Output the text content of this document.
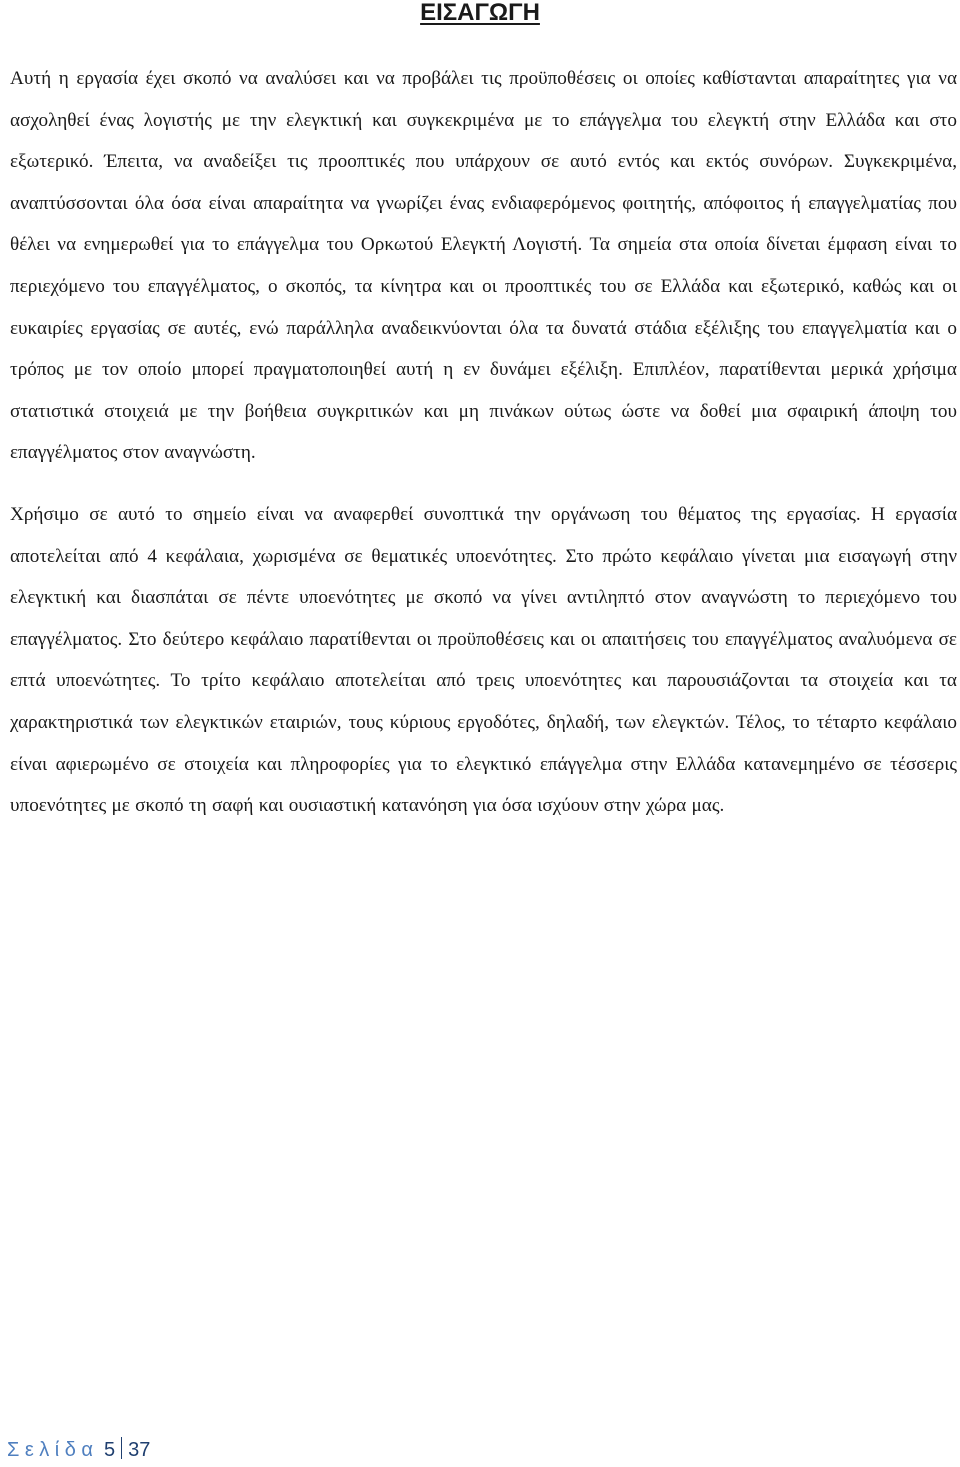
ΕΙΣΑΓΩΓΗ

Αυτή η εργασία έχει σκοπό να αναλύσει και να προβάλει τις προϋποθέσεις οι οποίες καθίστανται απαραίτητες για να ασχοληθεί ένας λογιστής με την ελεγκτική και συγκεκριμένα με το επάγγελμα του ελεγκτή στην Ελλάδα και στο εξωτερικό. Έπειτα, να αναδείξει τις προοπτικές που υπάρχουν σε αυτό εντός και εκτός συνόρων. Συγκεκριμένα, αναπτύσσονται όλα όσα είναι απαραίτητα να γνωρίζει ένας ενδιαφερόμενος φοιτητής, απόφοιτος ή επαγγελματίας που θέλει να ενημερωθεί για το επάγγελμα του Ορκωτού Ελεγκτή Λογιστή. Τα σημεία στα οποία δίνεται έμφαση είναι το περιεχόμενο του επαγγέλματος, ο σκοπός, τα κίνητρα και οι προοπτικές του σε Ελλάδα και εξωτερικό, καθώς και οι ευκαιρίες εργασίας σε αυτές, ενώ παράλληλα αναδεικνύονται όλα τα δυνατά στάδια εξέλιξης του επαγγελματία και ο τρόπος με τον οποίο μπορεί πραγματοποιηθεί αυτή η εν δυνάμει εξέλιξη. Επιπλέον, παρατίθενται μερικά χρήσιμα στατιστικά στοιχειά με την βοήθεια συγκριτικών και μη πινάκων ούτως ώστε να δοθεί μια σφαιρική άποψη του επαγγέλματος στον αναγνώστη.

Χρήσιμο σε αυτό το σημείο είναι να αναφερθεί συνοπτικά την οργάνωση του θέματος της εργασίας. Η εργασία αποτελείται από 4 κεφάλαια, χωρισμένα σε θεματικές υποενότητες. Στο πρώτο κεφάλαιο γίνεται μια εισαγωγή στην ελεγκτική και διασπάται σε πέντε υποενότητες με σκοπό να γίνει αντιληπτό στον αναγνώστη το περιεχόμενο του επαγγέλματος. Στο δεύτερο κεφάλαιο παρατίθενται οι προϋποθέσεις και οι απαιτήσεις του επαγγέλματος αναλυόμενα σε επτά υποενώτητες. Το τρίτο κεφάλαιο αποτελείται από τρεις υποενότητες και παρουσιάζονται τα στοιχεία και τα χαρακτηριστικά των ελεγκτικών εταιριών, τους κύριους εργοδότες, δηλαδή, των ελεγκτών. Τέλος, το τέταρτο κεφάλαιο είναι αφιερωμένο σε στοιχεία και πληροφορίες για το ελεγκτικό επάγγελμα στην Ελλάδα κατανεμημένο σε τέσσερις υποενότητες με σκοπό τη σαφή και ουσιαστική κατανόηση για όσα ισχύουν στην χώρα μας.

Σελίδα 5 37
